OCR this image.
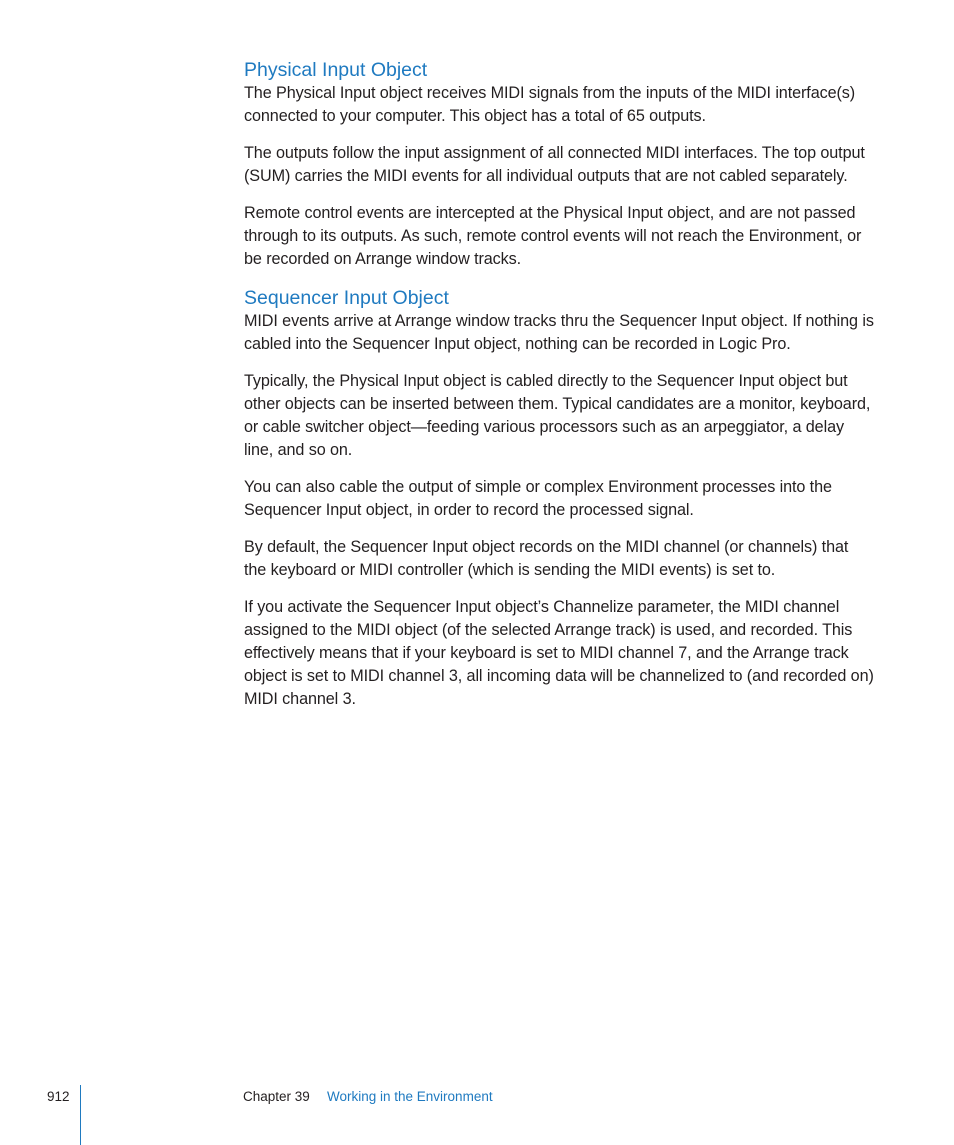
Physical Input Object

The Physical Input object receives MIDI signals from the inputs of the MIDI interface(s) connected to your computer. This object has a total of 65 outputs.

The outputs follow the input assignment of all connected MIDI interfaces. The top output (SUM) carries the MIDI events for all individual outputs that are not cabled separately.

Remote control events are intercepted at the Physical Input object, and are not passed through to its outputs. As such, remote control events will not reach the Environment, or be recorded on Arrange window tracks.

Sequencer Input Object

MIDI events arrive at Arrange window tracks thru the Sequencer Input object. If nothing is cabled into the Sequencer Input object, nothing can be recorded in Logic Pro.

Typically, the Physical Input object is cabled directly to the Sequencer Input object but other objects can be inserted between them. Typical candidates are a monitor, keyboard, or cable switcher object—feeding various processors such as an arpeggiator, a delay line, and so on.

You can also cable the output of simple or complex Environment processes into the Sequencer Input object, in order to record the processed signal.

By default, the Sequencer Input object records on the MIDI channel (or channels) that the keyboard or MIDI controller (which is sending the MIDI events) is set to.

If you activate the Sequencer Input object’s Channelize parameter, the MIDI channel assigned to the MIDI object (of the selected Arrange track) is used, and recorded. This effectively means that if your keyboard is set to MIDI channel 7, and the Arrange track object is set to MIDI channel 3, all incoming data will be channelized to (and recorded on) MIDI channel 3.

912	Chapter 39 Working in the Environment
